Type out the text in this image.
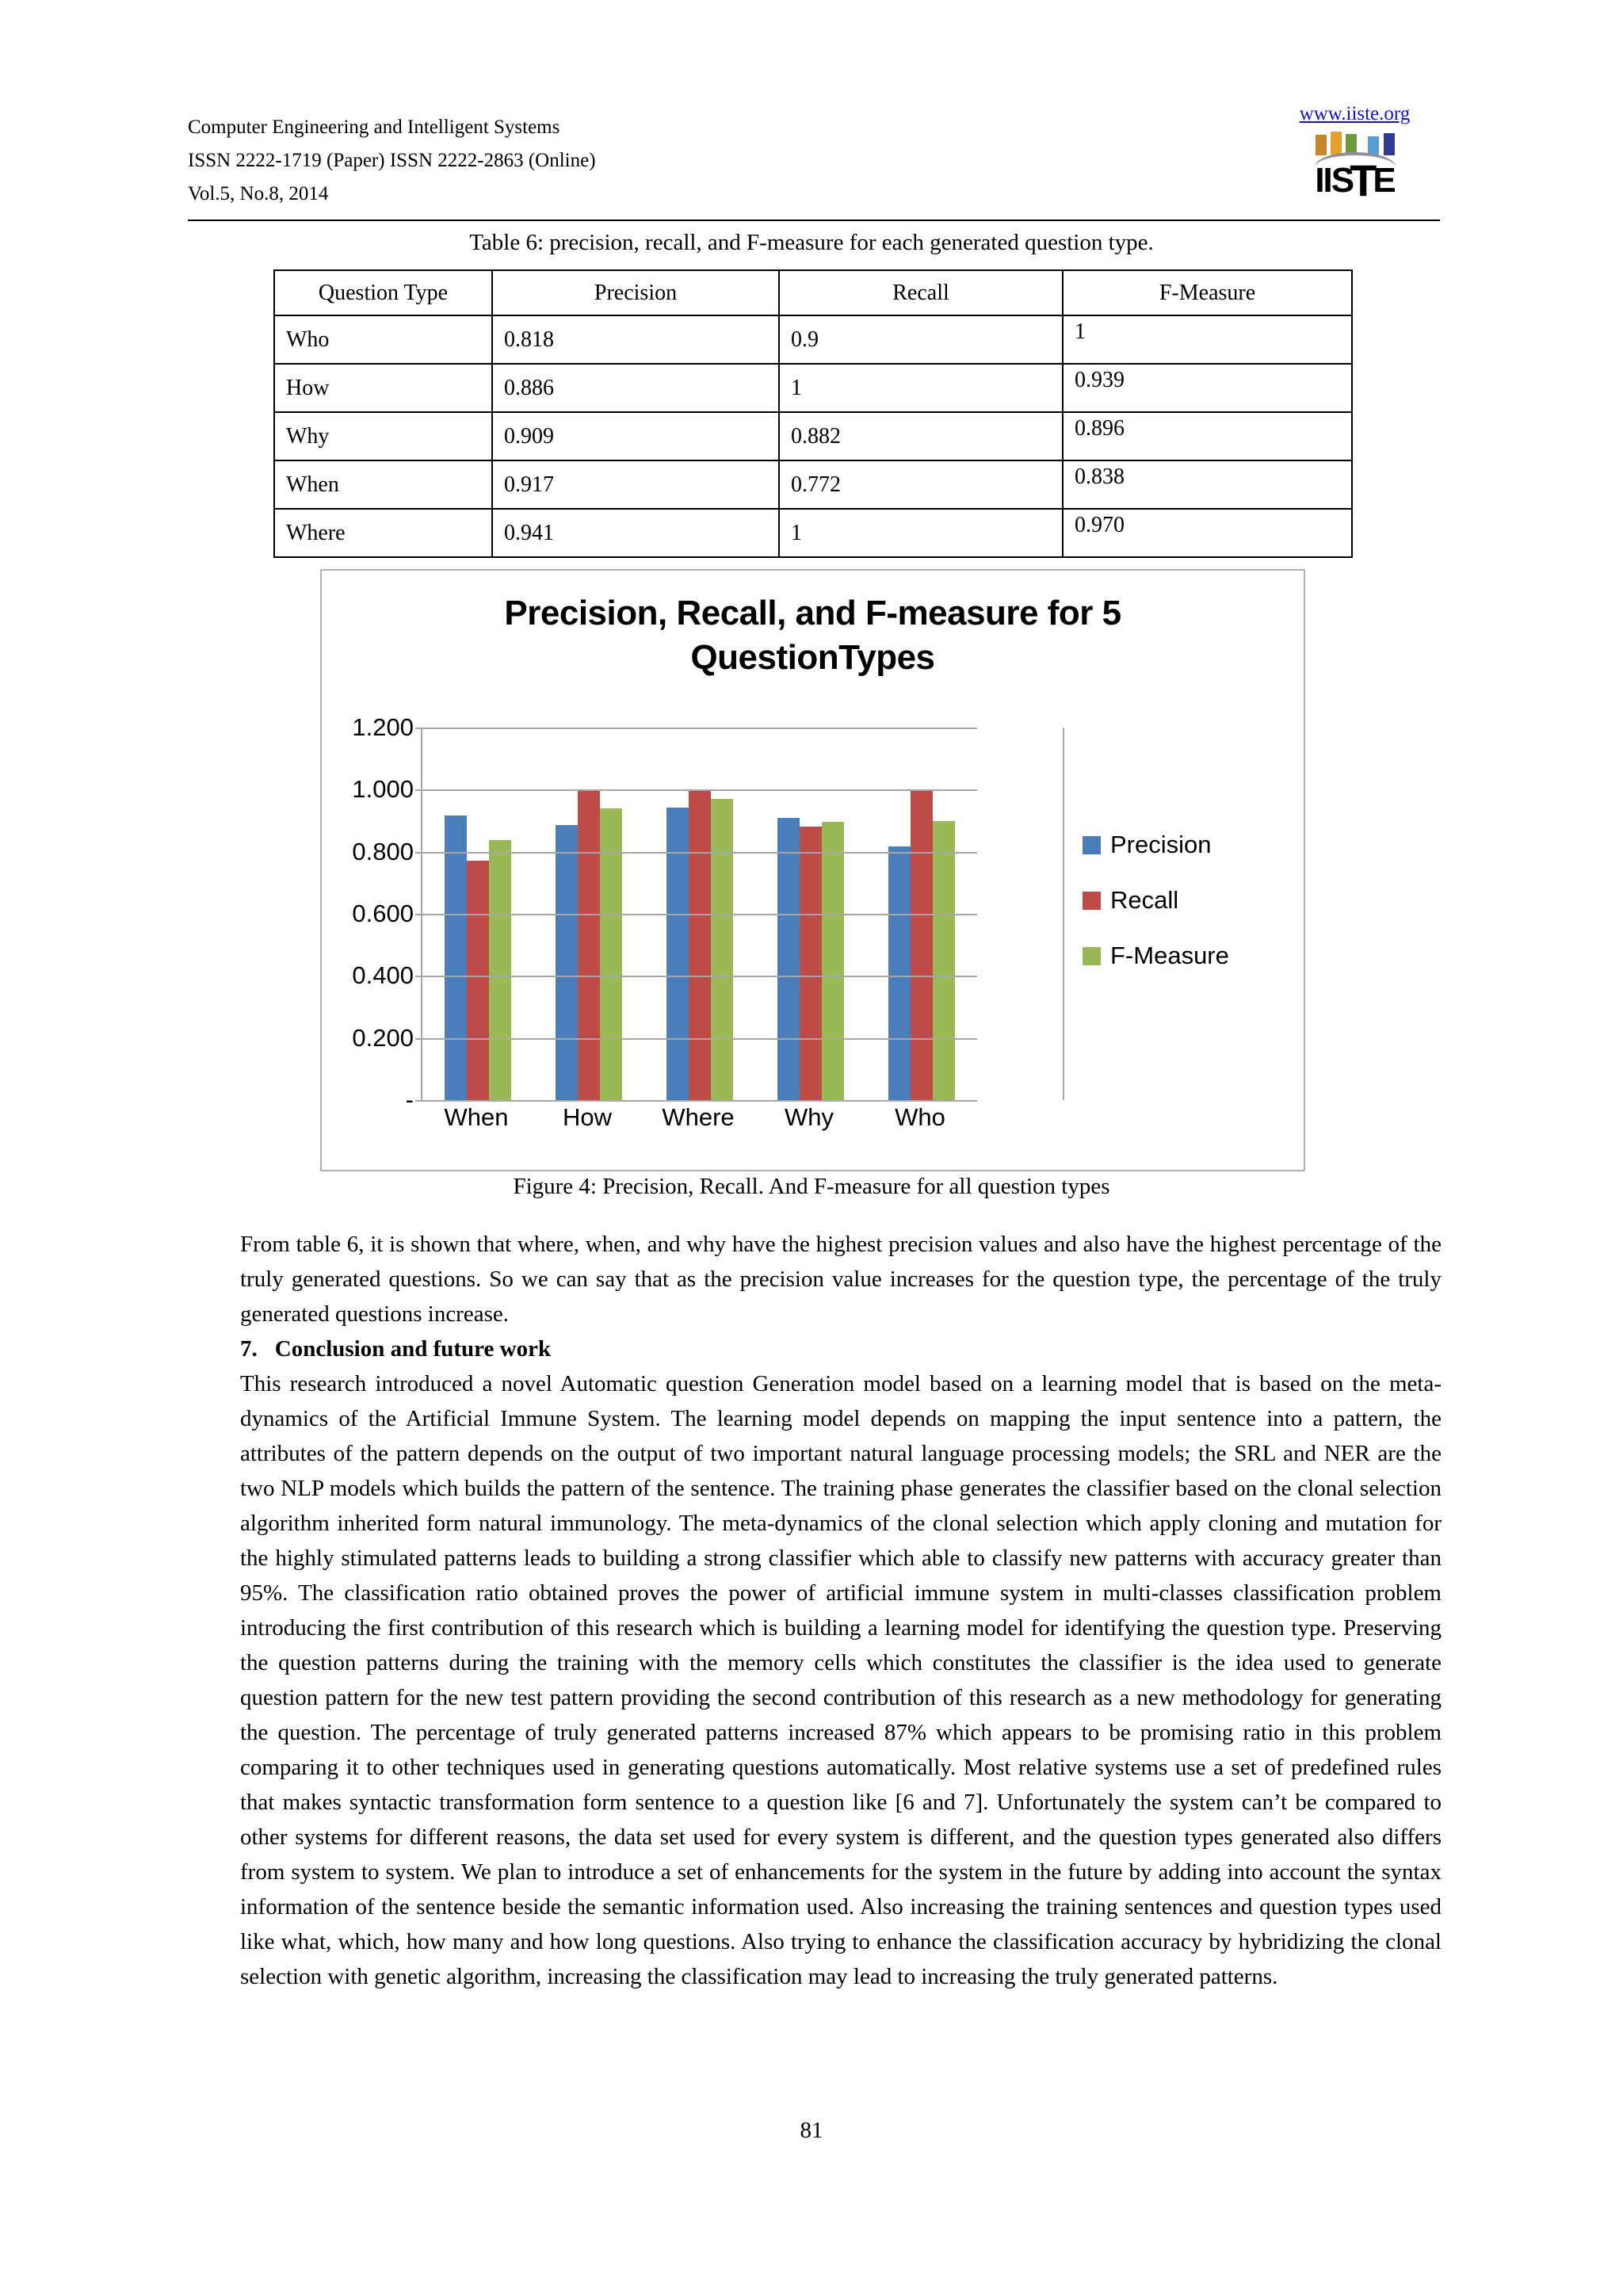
www.iiste.org
IISTE
Computer Engineering and Intelligent Systems
ISSN 2222-1719 (Paper) ISSN 2222-2863 (Online)
Vol.5, No.8, 2014
Table 6: precision, recall, and F-measure for each generated question type.
Question Type	Precision	Recall	F-Measure
Who	0.818	0.9	1
How	0.886	1	0.939
Why	0.909	0.882	0.896
When	0.917	0.772	0.838
Where	0.941	1	0.970
Precision, Recall, and F-measure for 5
QuestionTypes
1.200
1.000
0.800
0.600
0.400
0.200
-
When	How	Where	Why	Who
Precision
Recall
F-Measure
Figure 4: Precision, Recall. And F-measure for all question types

From table 6, it is shown that where, when, and why have the highest precision values and also have the highest percentage of the truly generated questions. So we can say that as the precision value increases for the question type, the percentage of the truly generated questions increase.

7. Conclusion and future work

This research introduced a novel Automatic question Generation model based on a learning model that is based on the meta-dynamics of the Artificial Immune System. The learning model depends on mapping the input sentence into a pattern, the attributes of the pattern depends on the output of two important natural language processing models; the SRL and NER are the two NLP models which builds the pattern of the sentence. The training phase generates the classifier based on the clonal selection algorithm inherited form natural immunology. The meta-dynamics of the clonal selection which apply cloning and mutation for the highly stimulated patterns leads to building a strong classifier which able to classify new patterns with accuracy greater than 95%. The classification ratio obtained proves the power of artificial immune system in multi-classes classification problem introducing the first contribution of this research which is building a learning model for identifying the question type. Preserving the question patterns during the training with the memory cells which constitutes the classifier is the idea used to generate question pattern for the new test pattern providing the second contribution of this research as a new methodology for generating the question. The percentage of truly generated patterns increased 87% which appears to be promising ratio in this problem comparing it to other techniques used in generating questions automatically. Most relative systems use a set of predefined rules that makes syntactic transformation form sentence to a question like [6 and 7]. Unfortunately the system can’t be compared to other systems for different reasons, the data set used for every system is different, and the question types generated also differs from system to system. We plan to introduce a set of enhancements for the system in the future by adding into account the syntax information of the sentence beside the semantic information used. Also increasing the training sentences and question types used like what, which, how many and how long questions. Also trying to enhance the classification accuracy by hybridizing the clonal selection with genetic algorithm, increasing the classification may lead to increasing the truly generated patterns.

81
